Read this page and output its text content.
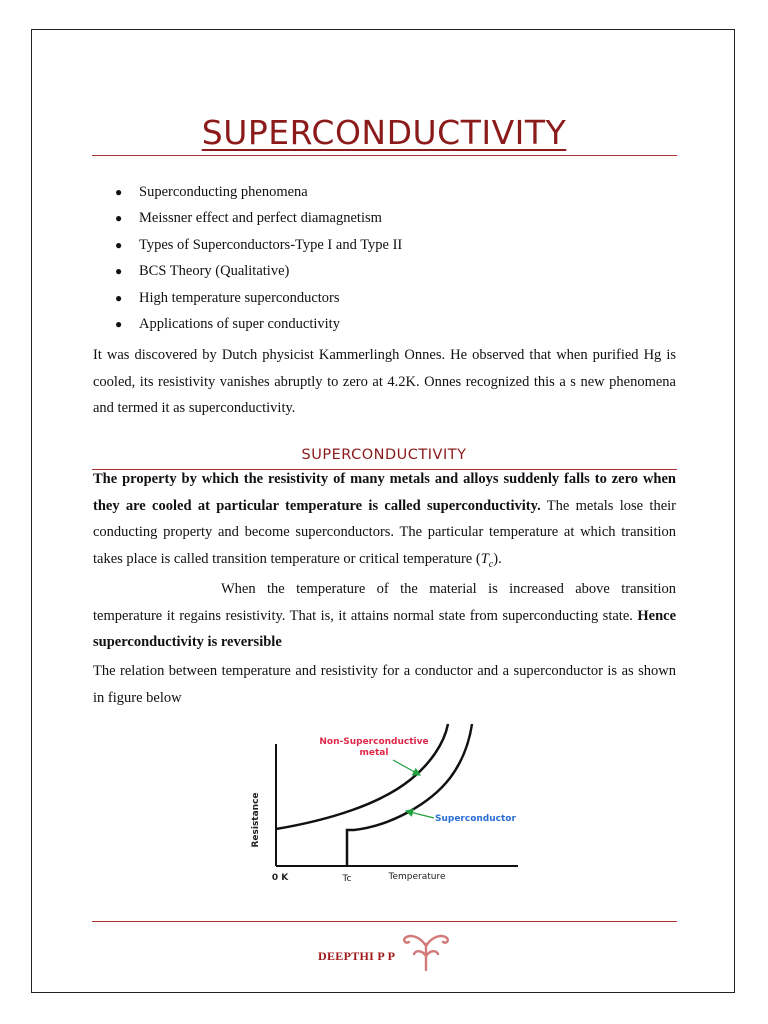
SUPERCONDUCTIVITY
● Superconducting phenomena
● Meissner effect and perfect diamagnetism
● Types of Superconductors-Type I and Type II
● BCS Theory (Qualitative)
● High temperature superconductors
● Applications of super conductivity

It was discovered by Dutch physicist Kammerlingh Onnes. He observed that when purified Hg is cooled, its resistivity vanishes abruptly to zero at 4.2K. Onnes recognized this a s new phenomena and termed it as superconductivity.

SUPERCONDUCTIVITY

The property by which the resistivity of many metals and alloys suddenly falls to zero when they are cooled at particular temperature is called superconductivity. The metals lose their conducting property and become superconductors. The particular temperature at which transition takes place is called transition temperature or critical temperature $(T_c)$.

When the temperature of the material is increased above transition temperature it regains resistivity. That is, it attains normal state from superconducting state. Hence superconductivity is reversible

The relation between temperature and resistivity for a conductor and a superconductor is as shown in figure below

Resistance
0 K	Tc	Temperature
Non-Superconductive metal
Superconductor
DEEPTHI P P
